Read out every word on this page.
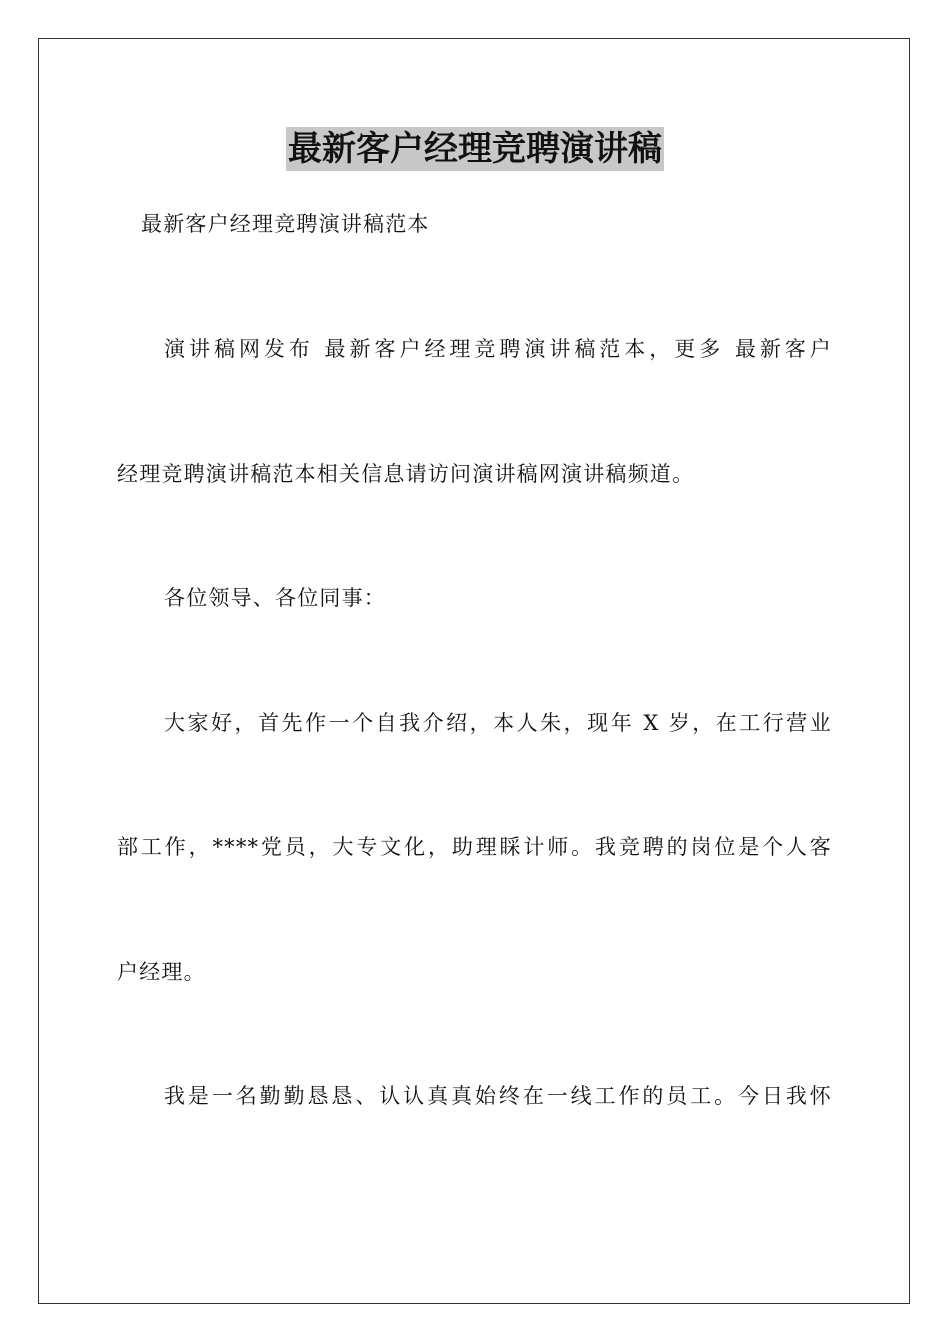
最新客户经理竞聘演讲稿
最新客户经理竞聘演讲稿范本
演讲稿网发布 最新客户经理竞聘演讲稿范本，更多 最新客户
经理竞聘演讲稿范本相关信息请访问演讲稿网演讲稿频道。
各位领导、各位同事：
大家好，首先作一个自我介绍，本人朱，现年 X 岁，在工行营业
部工作，****党员，大专文化，助理睬计师。我竞聘的岗位是个人客
户经理。
我是一名勤勤恳恳、认认真真始终在一线工作的员工。今日我怀
